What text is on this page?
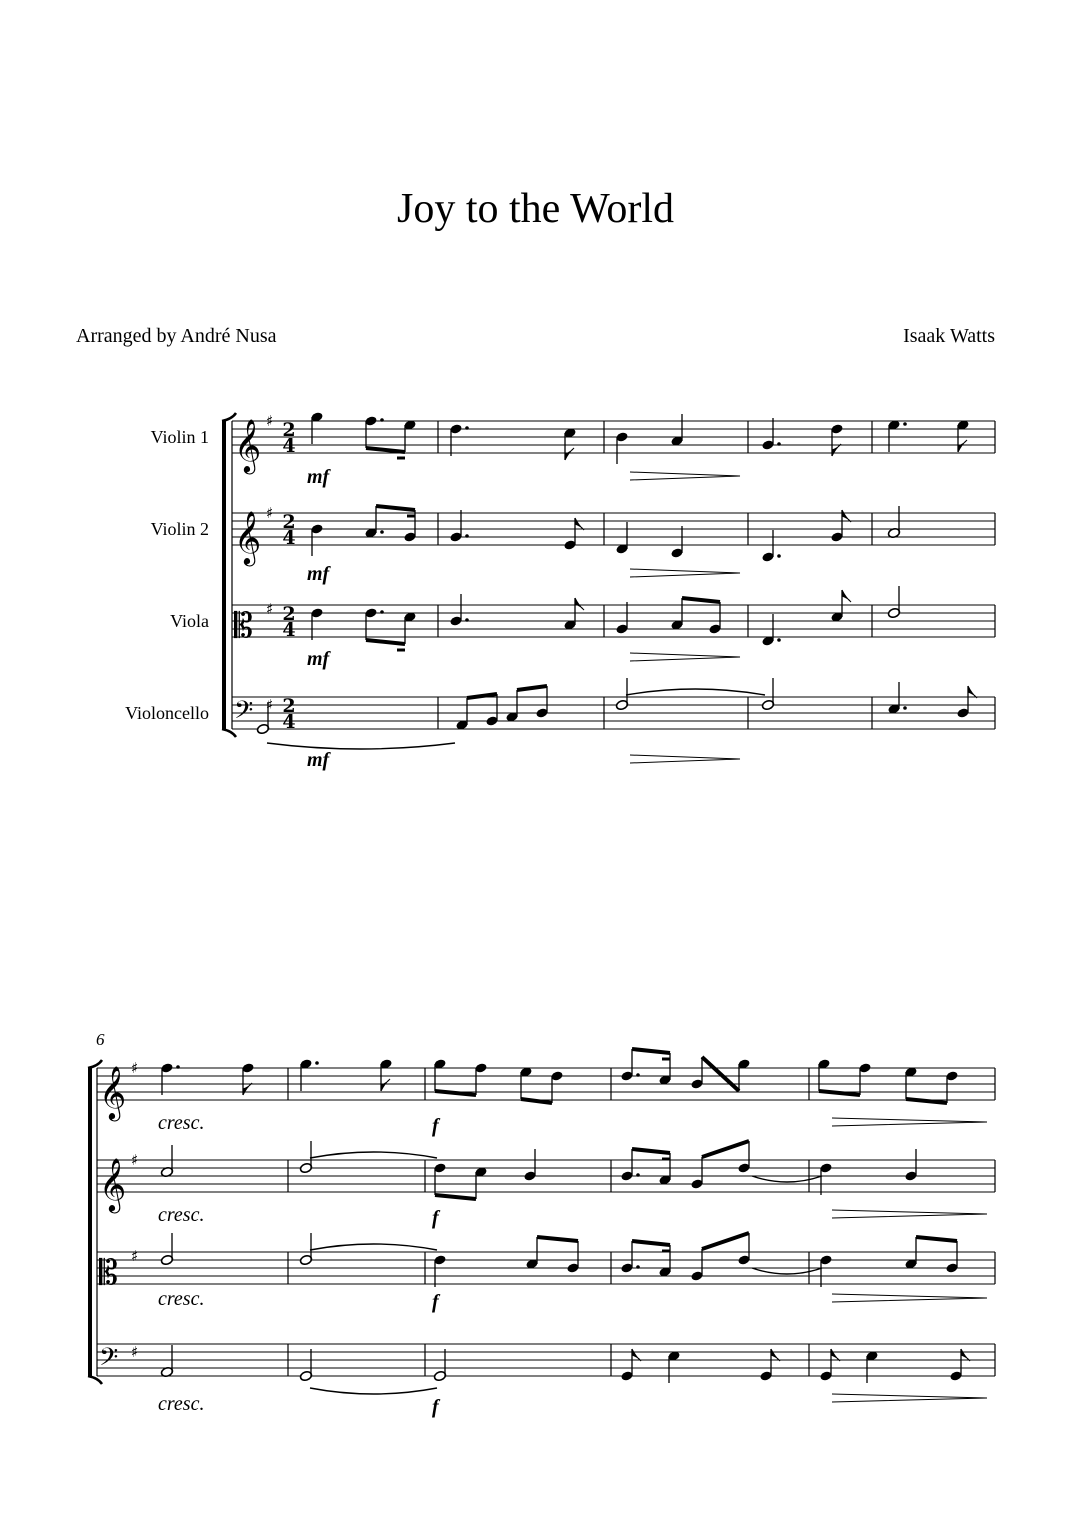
Joy to the World
Arranged by André Nusa	Isaak Watts
Violin 1 𝄞 ♯ 2
4
Violin 2 𝄞 ♯ 2
4
Viola 𝄡 ♯ 2
4
Violoncello 𝄢 ♯ 2
4
mf
mf
mf
mf
6
𝄞 ♯
𝄞 ♯
𝄡 ♯
𝄢 ♯
cresc.	f
cresc.	f
cresc.	f
cresc.	f
